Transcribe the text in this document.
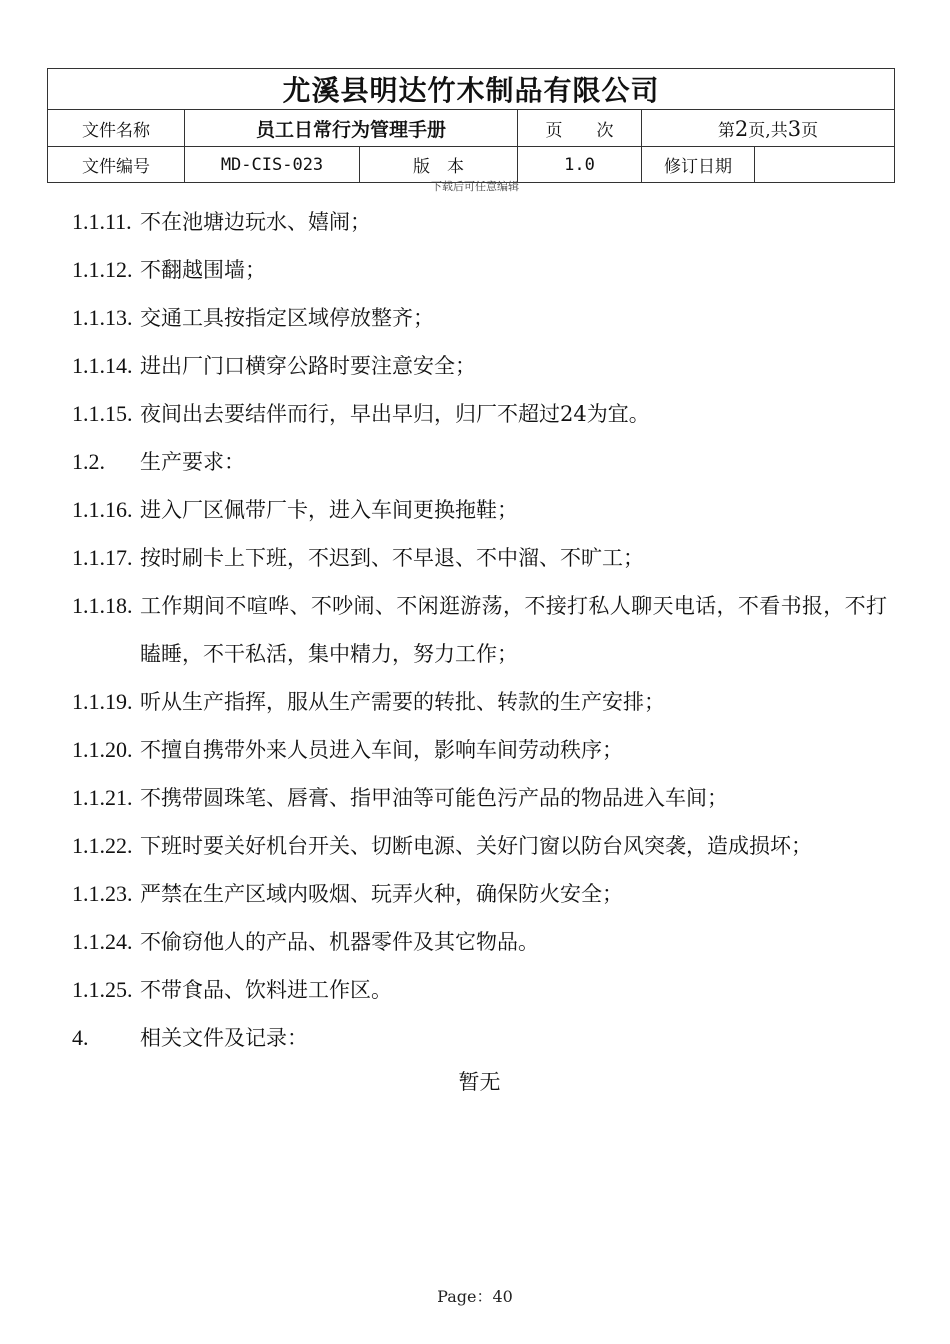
尤溪县明达竹木制品有限公司					
文件名称	员工日常行为管理手册		页　　次	第2页,共3页	
文件编号	MD-CIS-023	版　本	1.0	修订日期	
下载后可任意编辑
1.1.11. 不在池塘边玩水、嬉闹；
1.1.12. 不翻越围墙；
1.1.13. 交通工具按指定区域停放整齐；
1.1.14. 进出厂门口横穿公路时要注意安全；
1.1.15. 夜间出去要结伴而行，早出早归，归厂不超过24为宜。
1.2.	生产要求：
1.1.16. 进入厂区佩带厂卡，进入车间更换拖鞋；
1.1.17. 按时刷卡上下班，不迟到、不早退、不中溜、不旷工；
1.1.18. 工作期间不喧哗、不吵闹、不闲逛游荡，不接打私人聊天电话，不看书报，不打瞌睡，不干私活，集中精力，努力工作；
1.1.19. 听从生产指挥，服从生产需要的转批、转款的生产安排；
1.1.20. 不擅自携带外来人员进入车间，影响车间劳动秩序；
1.1.21. 不携带圆珠笔、唇膏、指甲油等可能色污产品的物品进入车间；
1.1.22. 下班时要关好机台开关、切断电源、关好门窗以防台风突袭，造成损坏；
1.1.23. 严禁在生产区域内吸烟、玩弄火种，确保防火安全；
1.1.24. 不偷窃他人的产品、机器零件及其它物品。
1.1.25. 不带食品、饮料进工作区。
4.	相关文件及记录：
暂无
Page：40
